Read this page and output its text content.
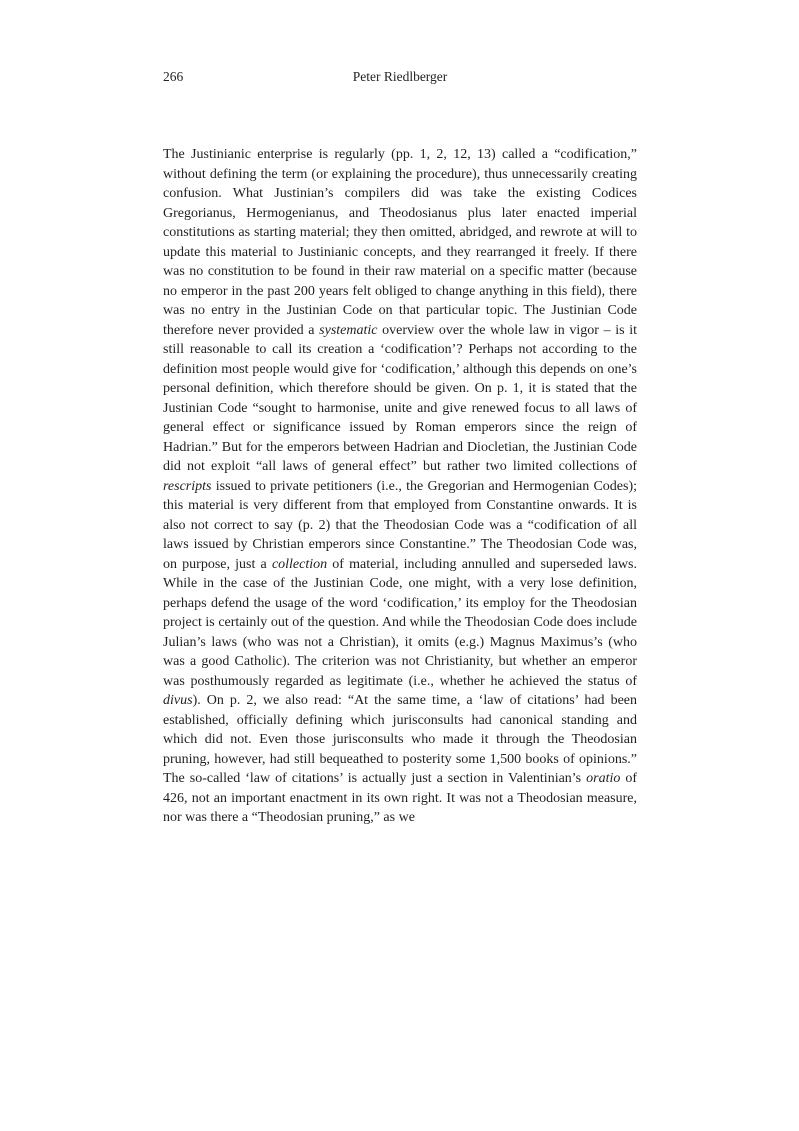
266	Peter Riedlberger
The Justinianic enterprise is regularly (pp. 1, 2, 12, 13) called a “codification,” without defining the term (or explaining the procedure), thus unnecessarily creating confusion. What Justinian’s compilers did was take the existing Codices Gregorianus, Hermogenianus, and Theodosianus plus later enacted imperial constitutions as starting material; they then omitted, abridged, and rewrote at will to update this material to Justinianic concepts, and they rearranged it freely. If there was no constitution to be found in their raw material on a specific matter (because no emperor in the past 200 years felt obliged to change anything in this field), there was no entry in the Justinian Code on that particular topic. The Justinian Code therefore never provided a systematic overview over the whole law in vigor – is it still reasonable to call its creation a ‘codification’? Perhaps not according to the definition most people would give for ‘codification,’ although this depends on one’s personal definition, which therefore should be given. On p. 1, it is stated that the Justinian Code “sought to harmonise, unite and give renewed focus to all laws of general effect or significance issued by Roman emperors since the reign of Hadrian.” But for the emperors between Hadrian and Diocletian, the Justinian Code did not exploit “all laws of general effect” but rather two limited collections of rescripts issued to private petitioners (i.e., the Gregorian and Hermogenian Codes); this material is very different from that employed from Constantine onwards. It is also not correct to say (p. 2) that the Theodosian Code was a “codification of all laws issued by Christian emperors since Constantine.” The Theodosian Code was, on purpose, just a collection of material, including annulled and superseded laws. While in the case of the Justinian Code, one might, with a very lose definition, perhaps defend the usage of the word ‘codification,’ its employ for the Theodosian project is certainly out of the question. And while the Theodosian Code does include Julian’s laws (who was not a Christian), it omits (e.g.) Magnus Maximus’s (who was a good Catholic). The criterion was not Christianity, but whether an emperor was posthumously regarded as legitimate (i.e., whether he achieved the status of divus). On p. 2, we also read: “At the same time, a ‘law of citations’ had been established, officially defining which jurisconsults had canonical standing and which did not. Even those jurisconsults who made it through the Theodosian pruning, however, had still bequeathed to posterity some 1,500 books of opinions.” The so-called ‘law of citations’ is actually just a section in Valentinian’s oratio of 426, not an important enactment in its own right. It was not a Theodosian measure, nor was there a “Theodosian pruning,” as we
